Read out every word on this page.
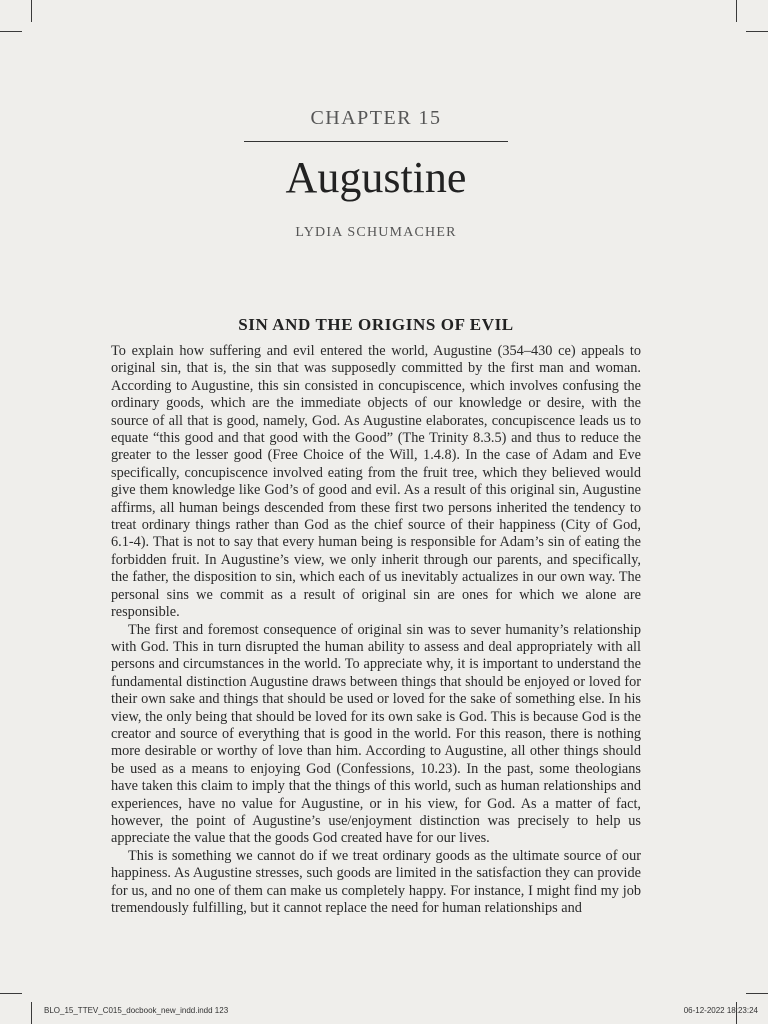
CHAPTER 15
Augustine
LYDIA SCHUMACHER
SIN AND THE ORIGINS OF EVIL

To explain how suffering and evil entered the world, Augustine (354–430 ce) appeals to original sin, that is, the sin that was supposedly committed by the first man and woman. According to Augustine, this sin consisted in concupiscence, which involves confusing the ordinary goods, which are the immediate objects of our knowledge or desire, with the source of all that is good, namely, God. As Augustine elaborates, concupiscence leads us to equate “this good and that good with the Good” (The Trinity 8.3.5) and thus to reduce the greater to the lesser good (Free Choice of the Will, 1.4.8). In the case of Adam and Eve specifically, concupiscence involved eating from the fruit tree, which they believed would give them knowledge like God’s of good and evil. As a result of this original sin, Augustine affirms, all human beings descended from these first two persons inherited the tendency to treat ordinary things rather than God as the chief source of their happiness (City of God, 6.1-4). That is not to say that every human being is responsible for Adam’s sin of eating the forbidden fruit. In Augustine’s view, we only inherit through our parents, and specifically, the father, the disposition to sin, which each of us inevitably actualizes in our own way. The personal sins we commit as a result of original sin are ones for which we alone are responsible.

The first and foremost consequence of original sin was to sever humanity’s relationship with God. This in turn disrupted the human ability to assess and deal appropriately with all persons and circumstances in the world. To appreciate why, it is important to understand the fundamental distinction Augustine draws between things that should be enjoyed or loved for their own sake and things that should be used or loved for the sake of something else. In his view, the only being that should be loved for its own sake is God. This is because God is the creator and source of everything that is good in the world. For this reason, there is nothing more desirable or worthy of love than him. According to Augustine, all other things should be used as a means to enjoying God (Confessions, 10.23). In the past, some theologians have taken this claim to imply that the things of this world, such as human relationships and experiences, have no value for Augustine, or in his view, for God. As a matter of fact, however, the point of Augustine’s use/enjoyment distinction was precisely to help us appreciate the value that the goods God created have for our lives.

This is something we cannot do if we treat ordinary goods as the ultimate source of our happiness. As Augustine stresses, such goods are limited in the satisfaction they can provide for us, and no one of them can make us completely happy. For instance, I might find my job tremendously fulfilling, but it cannot replace the need for human relationships and

BLO_15_TTEV_C015_docbook_new_indd.indd 123	06-12-2022 18:23:24
